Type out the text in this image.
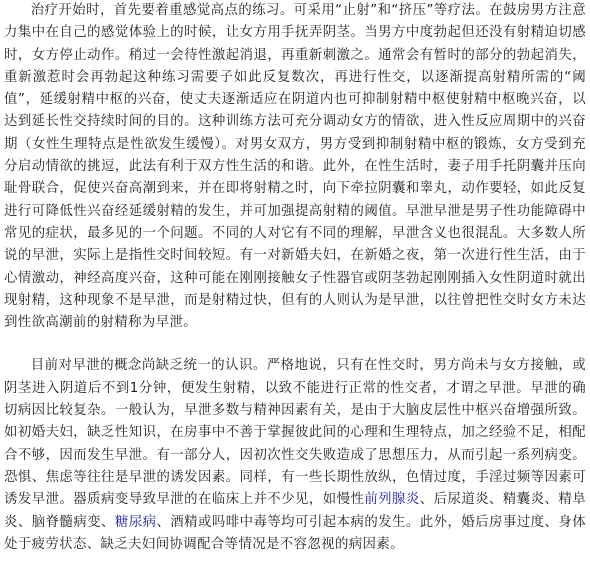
治疗开始时，首先要着重感觉高点的练习。可采用“止射”和“挤压”等疗法。在鼓房男方注意力集中在自己的感觉体验上的时候，让女方用手抚弄阴茎。当男方中度勃起但还没有射精迫切感时，女方停止动作。稍过一会待性激起消退，再重新刺激之。通常会有暂时的部分的勃起消失，重新激惹时会再勃起这种练习需要子如此反复数次，再进行性交，以逐渐提高射精所需的“阈值”，延缓射精中枢的兴奋，使丈夫逐渐适应在阴道内也可抑制射精中枢使射精中枢晚兴奋，以达到延长性交持续时间的目的。这种训练方法可充分调动女方的情欲，进入性反应周期中的兴奋期（女性生理特点是性欲发生缓慢）。对男女双方，男方受到抑制射精中枢的锻炼，女方受到充分启动情欲的挑逗，此法有利于双方性生活的和谐。此外，在性生活时，妻子用手托阴囊并压向耻骨联合，促使兴奋高潮到来，并在即将射精之时，向下牵拉阴囊和睾丸，动作要轻，如此反复进行可降低性兴奋经延缓射精的发生，并可加强提高射精的阈值。早泄早泄是男子性功能障碍中常见的症状，最多见的一个问题。不同的人对它有不同的理解，早泄含义也很混乱。大多数人所说的早泄，实际上是指性交时间较短。有一对新婚夫妇，在新婚之夜，第一次进行性生活，由于心情激动，神经高度兴奋，这种可能在刚刚接触女子性器官或阴茎勃起刚刚插入女性阴道时就出现射精，这种现象不是早泄，而是射精过快，但有的人则认为是早泄，以往曾把性交时女方未达到性欲高潮前的射精称为早泄。

目前对早泄的概念尚缺乏统一的认识。严格地说，只有在性交时，男方尚未与女方接触，或阴茎进入阴道后不到1分钟，便发生射精，以致不能进行正常的性交者，才谓之早泄。早泄的确切病因比较复杂。一般认为，早泄多数与精神因素有关，是由于大脑皮层性中枢兴奋增强所致。如初婚夫妇，缺乏性知识，在房事中不善于掌握彼此间的心理和生理特点，加之经验不足，相配合不够，因而发生早泄。有一部分人，因初次性交失败造成了思想压力，从而引起一系列病变。恐惧、焦虑等往往是早泄的诱发因素。同样，有一些长期性放纵，色情过度，手淫过频等因素可诱发早泄。器质病变导致早泄的在临床上并不少见，如慢性前列腺炎、后尿道炎、精囊炎、精阜炎、脑脊髓病变、糖尿病、酒精或吗啡中毒等均可引起本病的发生。此外，婚后房事过度、身体处于疲劳状态、缺乏夫妇间协调配合等情况是不容忽视的病因素。
